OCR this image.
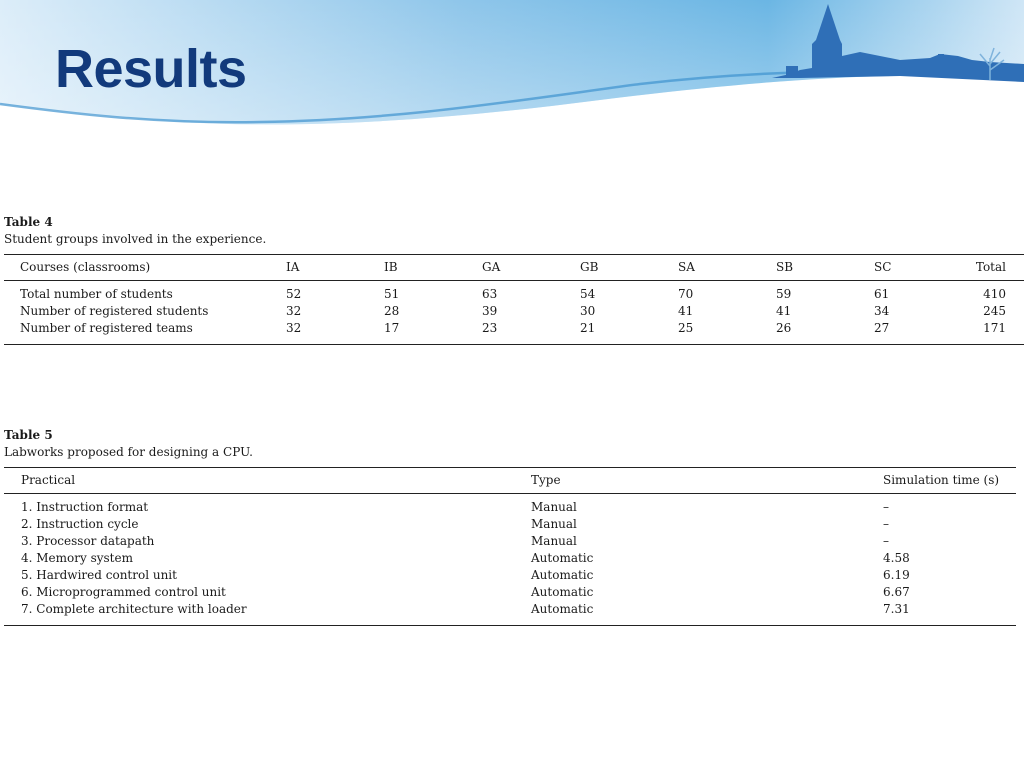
Results
Table 4
Student groups involved in the experience.
Courses (classrooms)	IA	IB	GA	GB	SA	SB	SC	Total
Total number of students	52	51	63	54	70	59	61	410
Number of registered students	32	28	39	30	41	41	34	245
Number of registered teams	32	17	23	21	25	26	27	171
Table 5
Labworks proposed for designing a CPU.
Practical	Type	Simulation time (s)
1. Instruction format	Manual	–
2. Instruction cycle	Manual	–
3. Processor datapath	Manual	–
4. Memory system	Automatic	4.58
5. Hardwired control unit	Automatic	6.19
6. Microprogrammed control unit	Automatic	6.67
7. Complete architecture with loader	Automatic	7.31
